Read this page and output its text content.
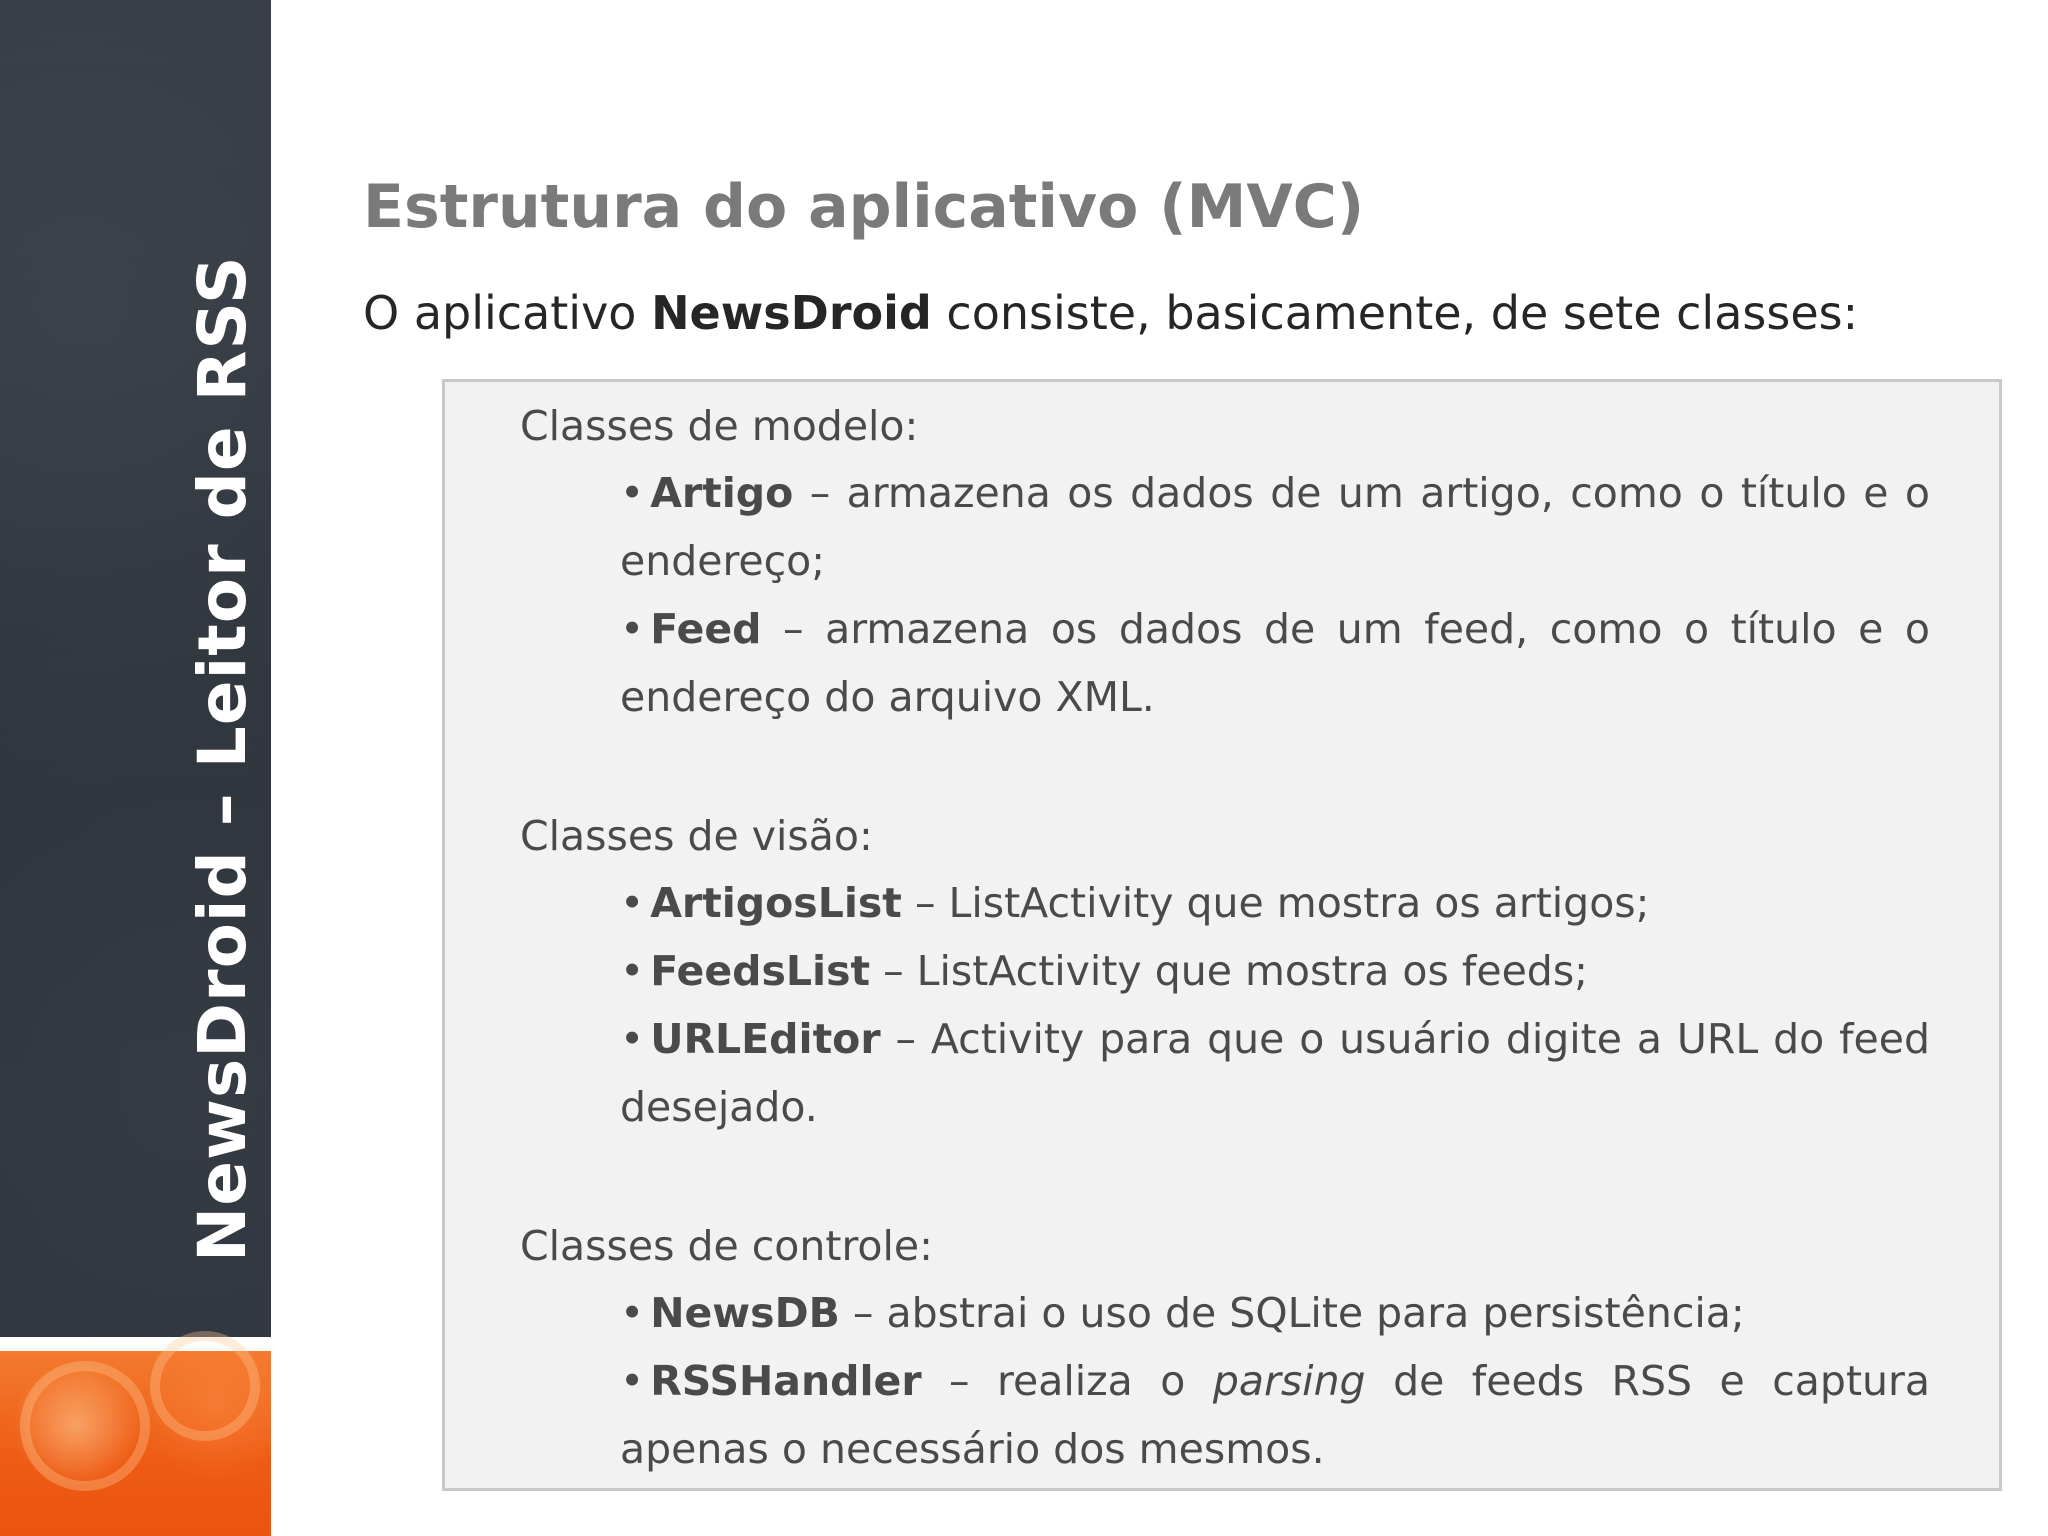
NewsDroid – Leitor de RSS
Estrutura do aplicativo (MVC)
O aplicativo NewsDroid consiste, basicamente, de sete classes:
Classes de modelo:
• Artigo – armazena os dados de um artigo, como o título e o endereço;
• Feed – armazena os dados de um feed, como o título e o endereço do arquivo XML.
Classes de visão:
• ArtigosList – ListActivity que mostra os artigos;
• FeedsList – ListActivity que mostra os feeds;
• URLEditor – Activity para que o usuário digite a URL do feed desejado.
Classes de controle:
• NewsDB – abstrai o uso de SQLite para persistência;
• RSSHandler – realiza o parsing de feeds RSS e captura apenas o necessário dos mesmos.
